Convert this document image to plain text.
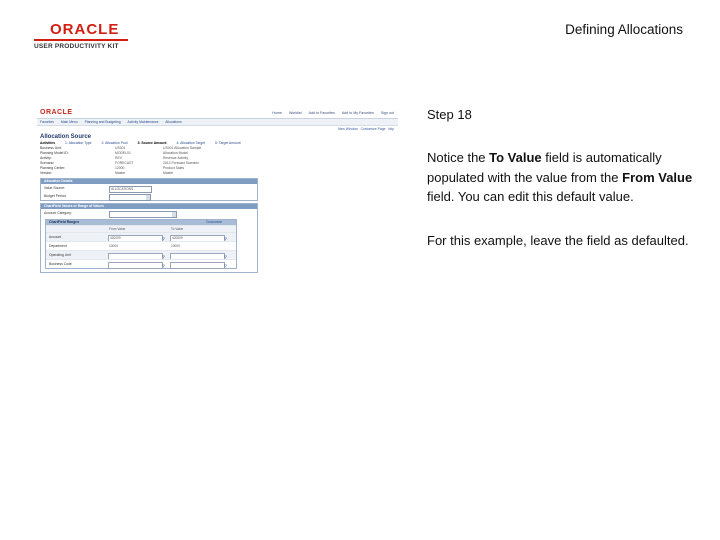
ORACLE
USER PRODUCTIVITY KIT
Defining Allocations
ORACLE	Home Worklist Add to Favorites Add to My Favorites Sign out
Favorites Main Menu Planning and Budgeting Activity Maintenance Allocations
New Window Customize Page http
Allocation Source
Activities	1: Allocation Type	2: Allocation Pool	3: Source Amount	4: Allocation Target	5: Target Amount
Business Unit:	US001	US001 Allocation Sample
Planning Model ID:	MODEL01	Allocation Model
Activity:	REV	Revenue Activity
Scenario:	FORECAST	2012 Forecast Scenario
Planning Center:	12000	Product Sales
Version:	Master	Master
Allocation Details
Value Source:	ALLOCATIONS
Budget Period:
ChartField Values or Range of Values
Account Category:
ChartField Ranges	Customize
From Value	To Value
Account	420009	⚲	420009	⚲
Department	10000	10000
Operating Unit	⚲	⚲
Business Code	⚲	⚲
Step 18
Notice the To Value field is automatically populated with the value from the From Value field. You can edit this default value.
For this example, leave the field as defaulted.
